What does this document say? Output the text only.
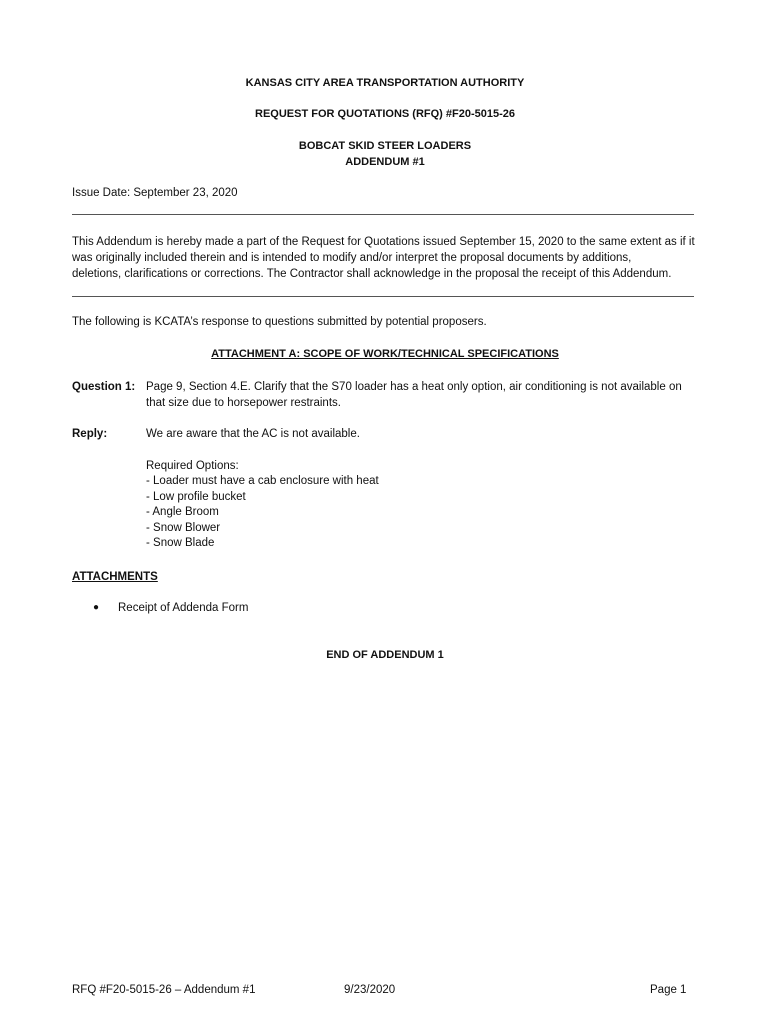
KANSAS CITY AREA TRANSPORTATION AUTHORITY
REQUEST FOR QUOTATIONS (RFQ) #F20-5015-26
BOBCAT SKID STEER LOADERS
ADDENDUM #1
Issue Date: September 23, 2020
This Addendum is hereby made a part of the Request for Quotations issued September 15, 2020 to the same extent as if it
was originally included therein and is intended to modify and/or interpret the proposal documents by additions,
deletions, clarifications or corrections. The Contractor shall acknowledge in the proposal the receipt of this Addendum.
The following is KCATA’s response to questions submitted by potential proposers.
ATTACHMENT A: SCOPE OF WORK/TECHNICAL SPECIFICATIONS
Question 1: Page 9, Section 4.E. Clarify that the S70 loader has a heat only option, air conditioning is not available on
that size due to horsepower restraints.
Reply:	We are aware that the AC is not available.
Required Options:
- Loader must have a cab enclosure with heat
- Low profile bucket
- Angle Broom
- Snow Blower
- Snow Blade
ATTACHMENTS
● Receipt of Addenda Form
END OF ADDENDUM 1
RFQ #F20-5015-26 – Addendum #1	9/23/2020	Page 1
